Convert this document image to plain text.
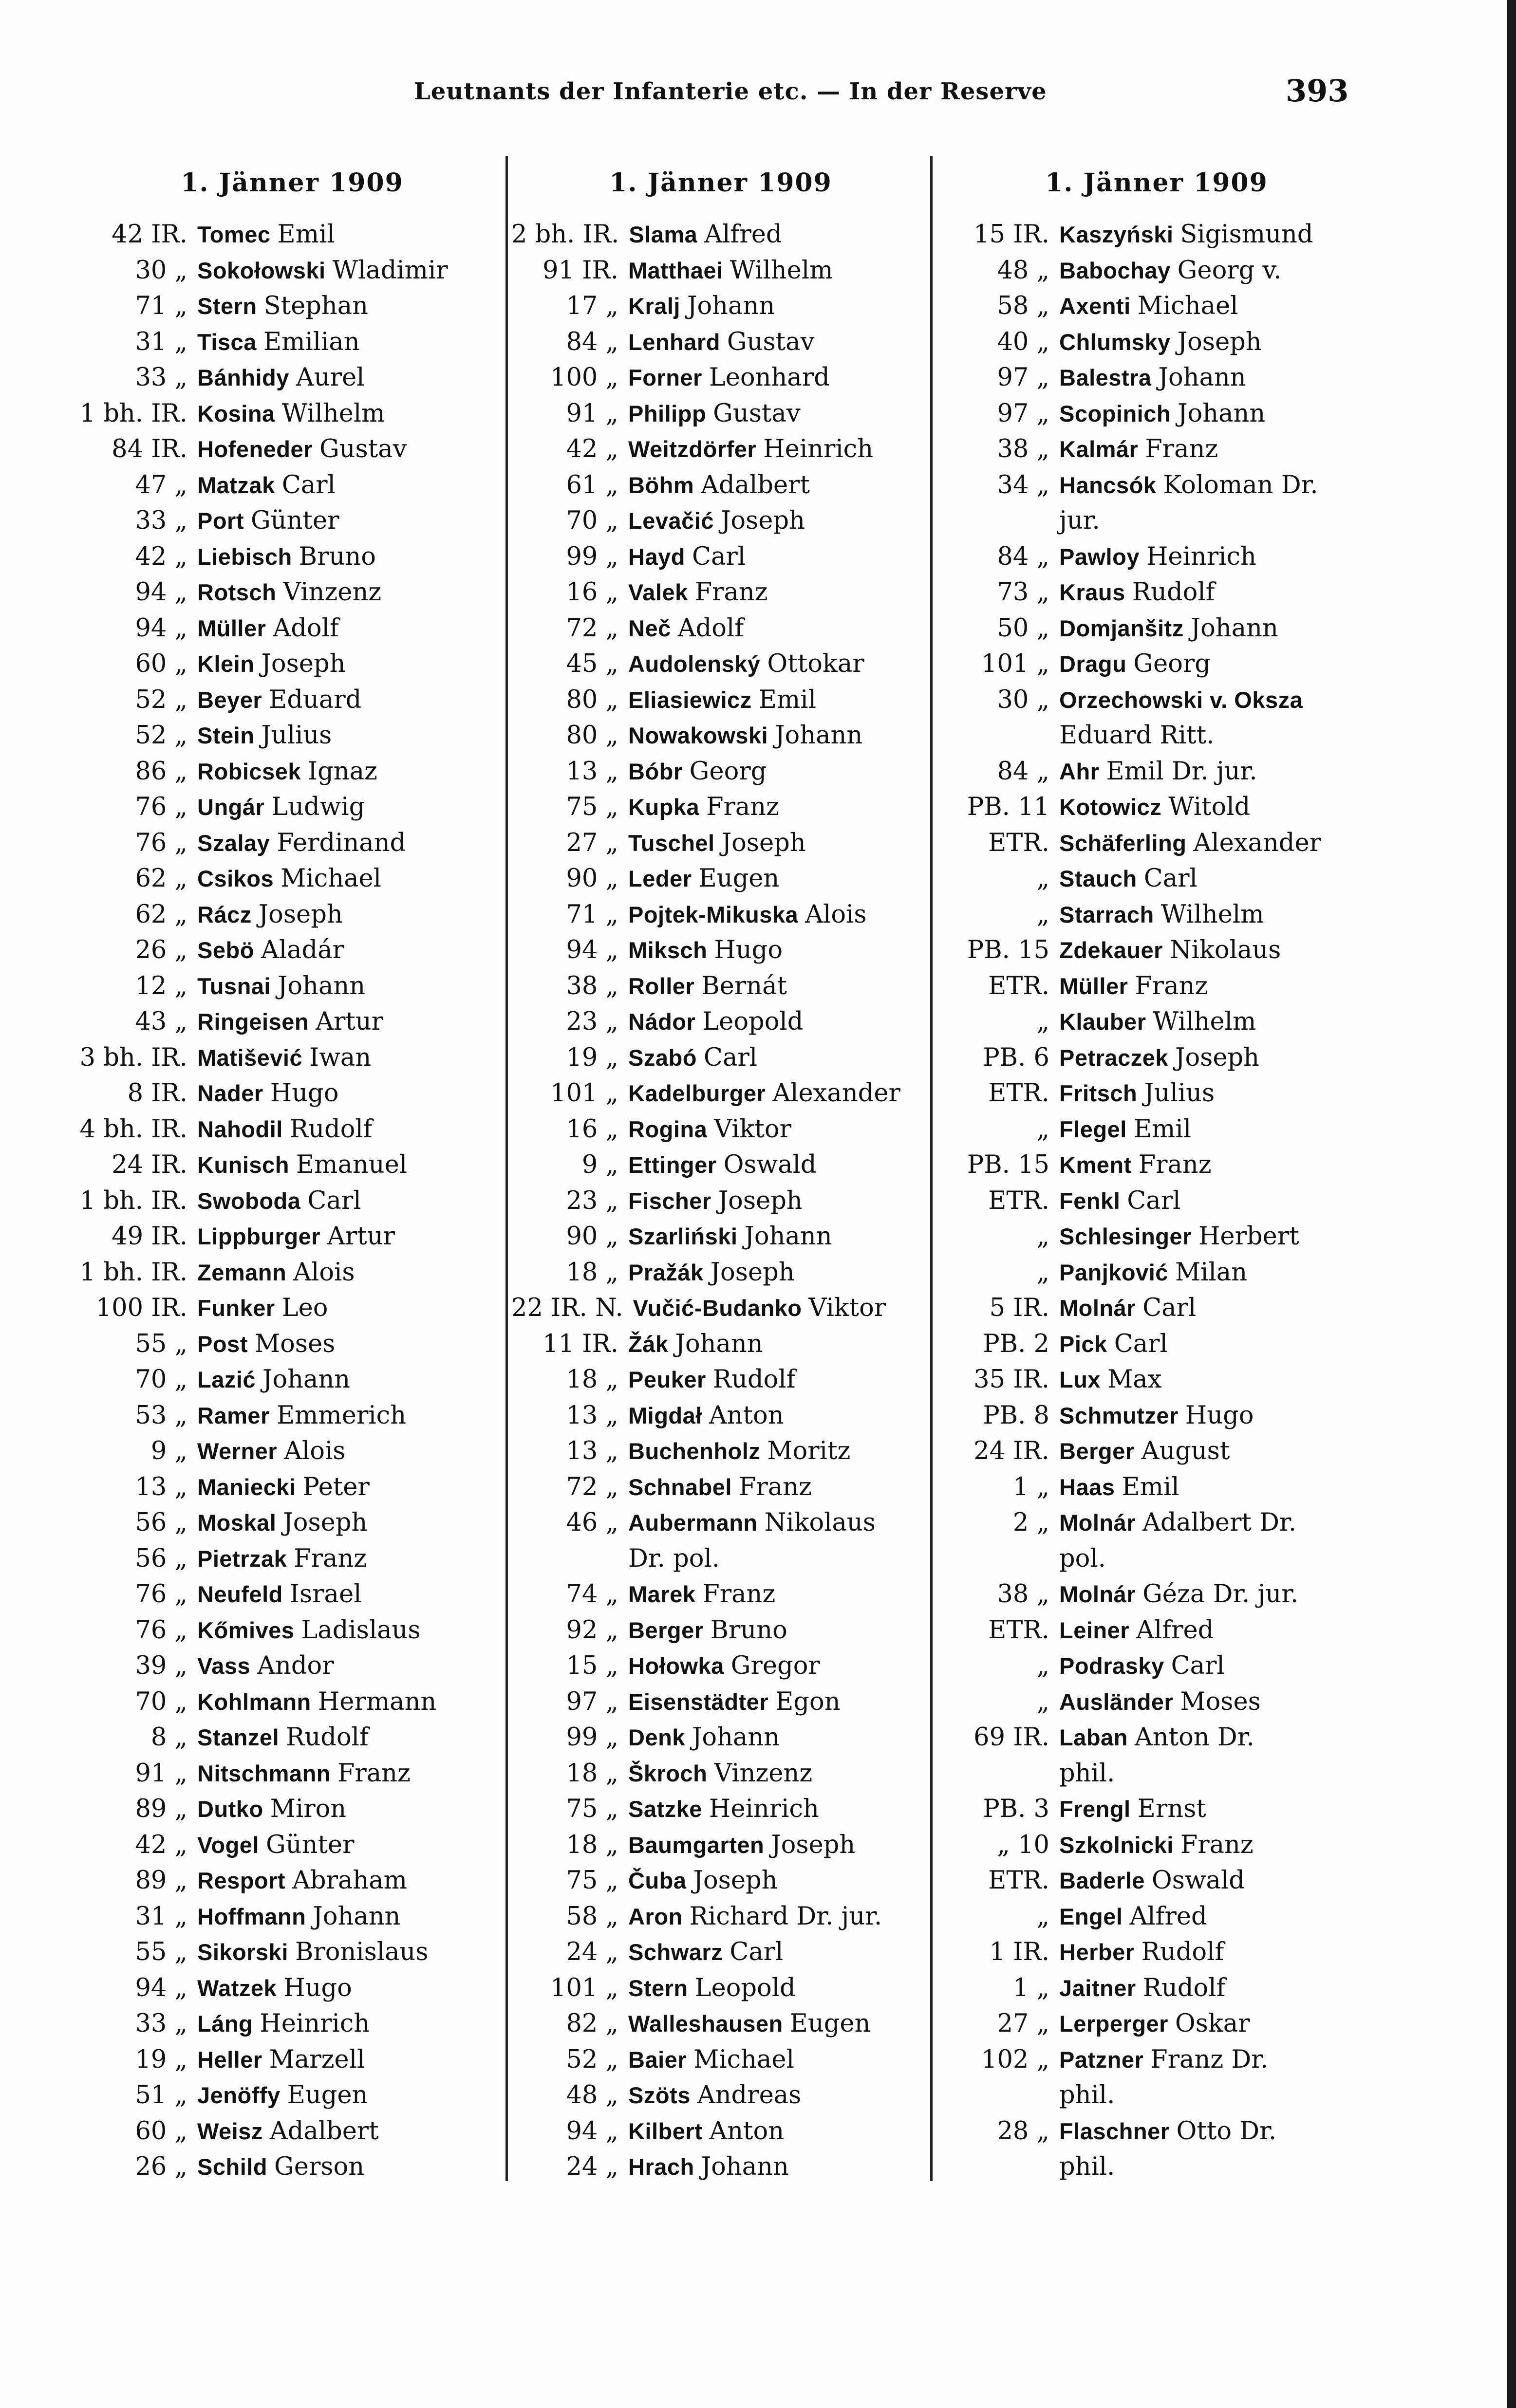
Leutnants der Infanterie etc. — In der Reserve	393
1. Jänner 1909
42 IR. Tomec Emil
30 „ Sokołowski Wladimir
71 „ Stern Stephan
31 „ Tisca Emilian
33 „ Bánhidy Aurel
1 bh. IR. Kosina Wilhelm
84 IR. Hofeneder Gustav
47 „ Matzak Carl
33 „ Port Günter
42 „ Liebisch Bruno
94 „ Rotsch Vinzenz
94 „ Müller Adolf
60 „ Klein Joseph
52 „ Beyer Eduard
52 „ Stein Julius
86 „ Robicsek Ignaz
76 „ Ungár Ludwig
76 „ Szalay Ferdinand
62 „ Csikos Michael
62 „ Rácz Joseph
26 „ Sebö Aladár
12 „ Tusnai Johann
43 „ Ringeisen Artur
3 bh. IR. Matišević Iwan
8 IR. Nader Hugo
4 bh. IR. Nahodil Rudolf
24 IR. Kunisch Emanuel
1 bh. IR. Swoboda Carl
49 IR. Lippburger Artur
1 bh. IR. Zemann Alois
100 IR. Funker Leo
55 „ Post Moses
70 „ Lazić Johann
53 „ Ramer Emmerich
9 „ Werner Alois
13 „ Maniecki Peter
56 „ Moskal Joseph
56 „ Pietrzak Franz
76 „ Neufeld Israel
76 „ Kőmives Ladislaus
39 „ Vass Andor
70 „ Kohlmann Hermann
8 „ Stanzel Rudolf
91 „ Nitschmann Franz
89 „ Dutko Miron
42 „ Vogel Günter
89 „ Resport Abraham
31 „ Hoffmann Johann
55 „ Sikorski Bronislaus
94 „ Watzek Hugo
33 „ Láng Heinrich
19 „ Heller Marzell
51 „ Jenöffy Eugen
60 „ Weisz Adalbert
26 „ Schild Gerson
1. Jänner 1909
2 bh. IR. Slama Alfred
91 IR. Matthaei Wilhelm
17 „ Kralj Johann
84 „ Lenhard Gustav
100 „ Forner Leonhard
91 „ Philipp Gustav
42 „ Weitzdörfer Heinrich
61 „ Böhm Adalbert
70 „ Levačić Joseph
99 „ Hayd Carl
16 „ Valek Franz
72 „ Neč Adolf
45 „ Audolenský Ottokar
80 „ Eliasiewicz Emil
80 „ Nowakowski Johann
13 „ Bóbr Georg
75 „ Kupka Franz
27 „ Tuschel Joseph
90 „ Leder Eugen
71 „ Pojtek-Mikuska Alois
94 „ Miksch Hugo
38 „ Roller Bernát
23 „ Nádor Leopold
19 „ Szabó Carl
101 „ Kadelburger Alexander
16 „ Rogina Viktor
9 „ Ettinger Oswald
23 „ Fischer Joseph
90 „ Szarliński Johann
18 „ Pražák Joseph
22 IR. N. Vučić-Budanko Viktor
11 IR. Žák Johann
18 „ Peuker Rudolf
13 „ Migdał Anton
13 „ Buchenholz Moritz
72 „ Schnabel Franz
46 „ Aubermann Nikolaus
Dr. pol.
74 „ Marek Franz
92 „ Berger Bruno
15 „ Hołowka Gregor
97 „ Eisenstädter Egon
99 „ Denk Johann
18 „ Škroch Vinzenz
75 „ Satzke Heinrich
18 „ Baumgarten Joseph
75 „ Čuba Joseph
58 „ Aron Richard Dr. jur.
24 „ Schwarz Carl
101 „ Stern Leopold
82 „ Walleshausen Eugen
52 „ Baier Michael
48 „ Szöts Andreas
94 „ Kilbert Anton
24 „ Hrach Johann
1. Jänner 1909
15 IR. Kaszyński Sigismund
48 „ Babochay Georg v.
58 „ Axenti Michael
40 „ Chlumsky Joseph
97 „ Balestra Johann
97 „ Scopinich Johann
38 „ Kalmár Franz
34 „ Hancsók Koloman Dr.
jur.
84 „ Pawloy Heinrich
73 „ Kraus Rudolf
50 „ Domjanšitz Johann
101 „ Dragu Georg
30 „ Orzechowski v. Oksza
Eduard Ritt.
84 „ Ahr Emil Dr. jur.
PB. 11 Kotowicz Witold
ETR. Schäferling Alexander
„ Stauch Carl
„ Starrach Wilhelm
PB. 15 Zdekauer Nikolaus
ETR. Müller Franz
„ Klauber Wilhelm
PB. 6 Petraczek Joseph
ETR. Fritsch Julius
„ Flegel Emil
PB. 15 Kment Franz
ETR. Fenkl Carl
„ Schlesinger Herbert
„ Panjković Milan
5 IR. Molnár Carl
PB. 2 Pick Carl
35 IR. Lux Max
PB. 8 Schmutzer Hugo
24 IR. Berger August
1 „ Haas Emil
2 „ Molnár Adalbert Dr.
pol.
38 „ Molnár Géza Dr. jur.
ETR. Leiner Alfred
„ Podrasky Carl
„ Ausländer Moses
69 IR. Laban Anton Dr.
phil.
PB. 3 Frengl Ernst
„ 10 Szkolnicki Franz
ETR. Baderle Oswald
„ Engel Alfred
1 IR. Herber Rudolf
1 „ Jaitner Rudolf
27 „ Lerperger Oskar
102 „ Patzner Franz Dr.
phil.
28 „ Flaschner Otto Dr.
phil.
